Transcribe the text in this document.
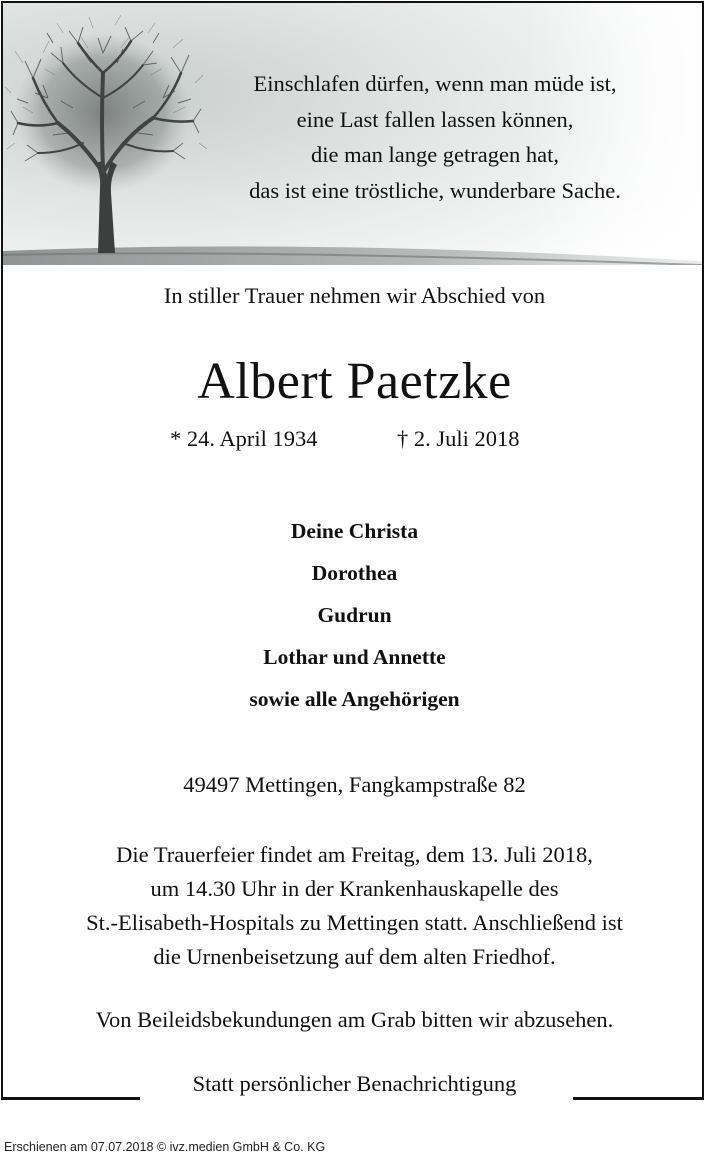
Einschlafen dürfen, wenn man müde ist,
eine Last fallen lassen können,
die man lange getragen hat,
das ist eine tröstliche, wunderbare Sache.
In stiller Trauer nehmen wir Abschied von
Albert Paetzke
* 24. April 1934	† 2. Juli 2018
Deine Christa
Dorothea
Gudrun
Lothar und Annette
sowie alle Angehörigen
49497 Mettingen, Fangkampstraße 82
Die Trauerfeier findet am Freitag, dem 13. Juli 2018,
um 14.30 Uhr in der Krankenhauskapelle des
St.-Elisabeth-Hospitals zu Mettingen statt. Anschließend ist
die Urnenbeisetzung auf dem alten Friedhof.
Von Beileidsbekundungen am Grab bitten wir abzusehen.
Statt persönlicher Benachrichtigung
Erschienen am 07.07.2018 © ivz.medien GmbH & Co. KG
